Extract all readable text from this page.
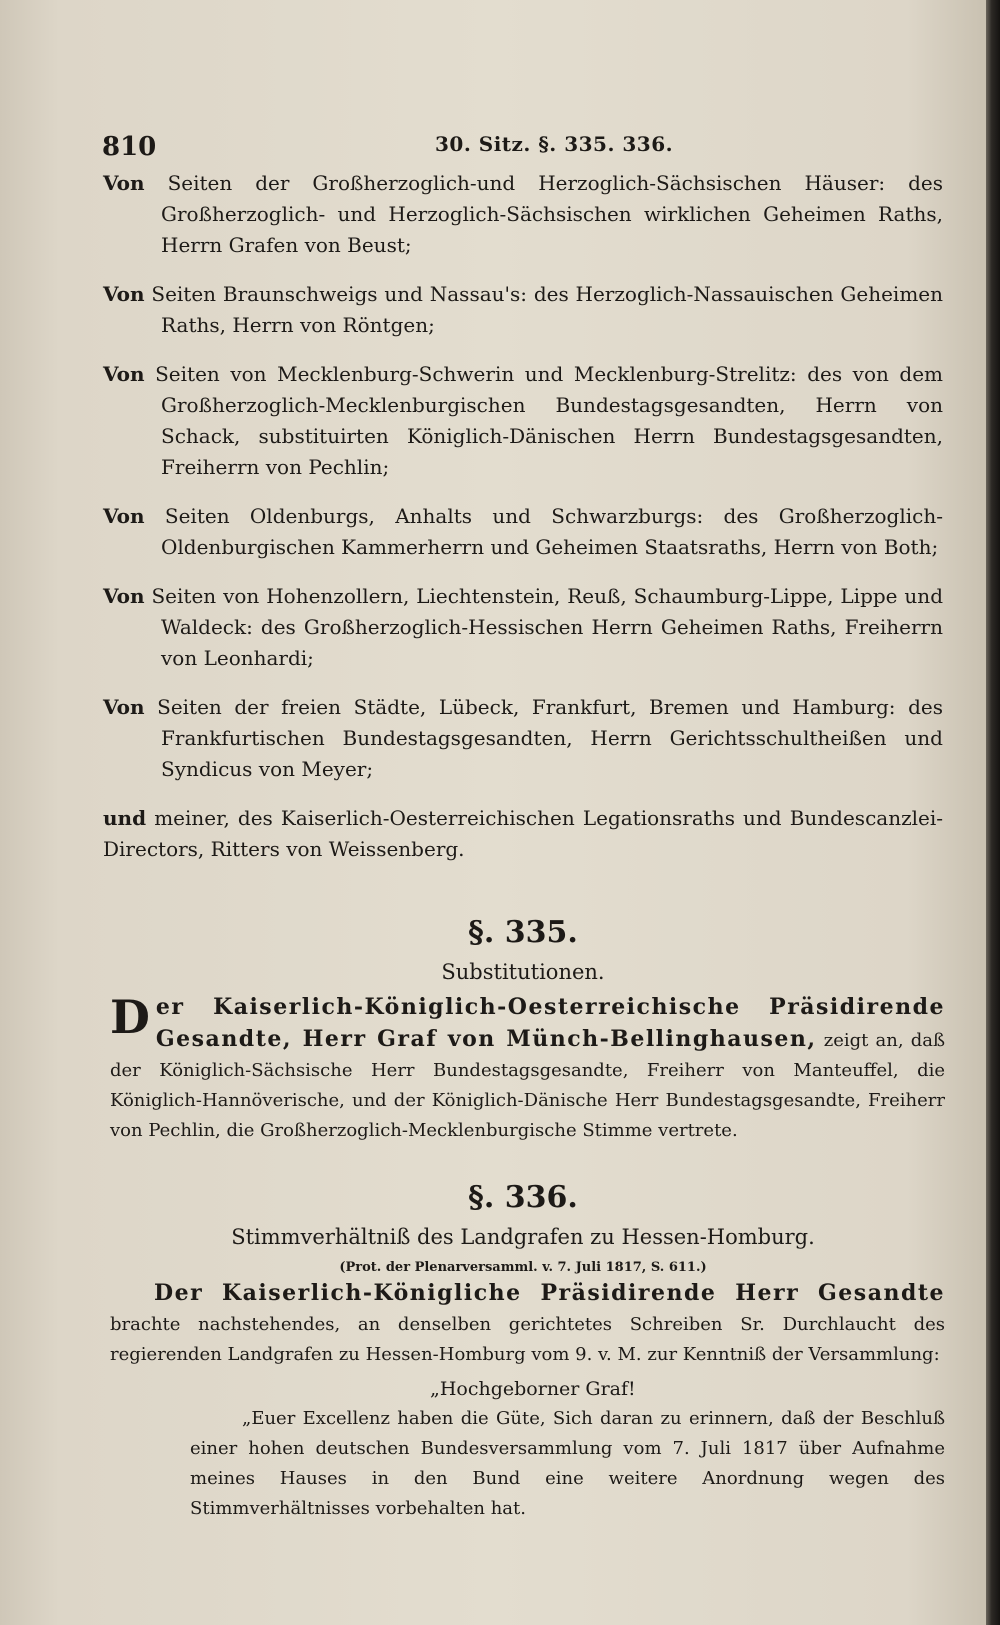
810	30. Sitz. §. 335. 336.
Von Seiten der Großherzoglich-und Herzoglich-Sächsischen Häuser: des Großherzoglich- und Herzoglich-Sächsischen wirklichen Geheimen Raths, Herrn Grafen von Beust;
Von Seiten Braunschweigs und Nassau's: des Herzoglich-Nassauischen Geheimen Raths, Herrn von Röntgen;
Von Seiten von Mecklenburg-Schwerin und Mecklenburg-Strelitz: des von dem Großherzoglich-Mecklenburgischen Bundestagsgesandten, Herrn von Schack, substituirten Königlich-Dänischen Herrn Bundestagsgesandten, Freiherrn von Pechlin;
Von Seiten Oldenburgs, Anhalts und Schwarzburgs: des Großherzoglich-Oldenburgischen Kammerherrn und Geheimen Staatsraths, Herrn von Both;
Von Seiten von Hohenzollern, Liechtenstein, Reuß, Schaumburg-Lippe, Lippe und Waldeck: des Großherzoglich-Hessischen Herrn Geheimen Raths, Freiherrn von Leonhardi;
Von Seiten der freien Städte, Lübeck, Frankfurt, Bremen und Hamburg: des Frankfurtischen Bundestagsgesandten, Herrn Gerichtsschultheißen und Syndicus von Meyer;
und meiner, des Kaiserlich-Oesterreichischen Legationsraths und Bundescanzlei-Directors, Ritters von Weissenberg.
§. 335.
Substitutionen.
D er Kaiserlich-Königlich-Oesterreichische Präsidirende Gesandte, Herr Graf von Münch-Bellinghausen, zeigt an, daß der Königlich-Sächsische Herr Bundestagsgesandte, Freiherr von Manteuffel, die Königlich-Hannöverische, und der Königlich-Dänische Herr Bundestagsgesandte, Freiherr von Pechlin, die Großherzoglich-Mecklenburgische Stimme vertrete.
§. 336.
Stimmverhältniß des Landgrafen zu Hessen-Homburg.
(Prot. der Plenarversamml. v. 7. Juli 1817, S. 611.)
Der Kaiserlich-Königliche Präsidirende Herr Gesandte brachte nachstehendes, an denselben gerichtetes Schreiben Sr. Durchlaucht des regierenden Landgrafen zu Hessen-Homburg vom 9. v. M. zur Kenntniß der Versammlung:
„Hochgeborner Graf!
„Euer Excellenz haben die Güte, Sich daran zu erinnern, daß der Beschluß einer hohen deutschen Bundesversammlung vom 7. Juli 1817 über Aufnahme meines Hauses in den Bund eine weitere Anordnung wegen des Stimmverhältnisses vorbehalten hat.
